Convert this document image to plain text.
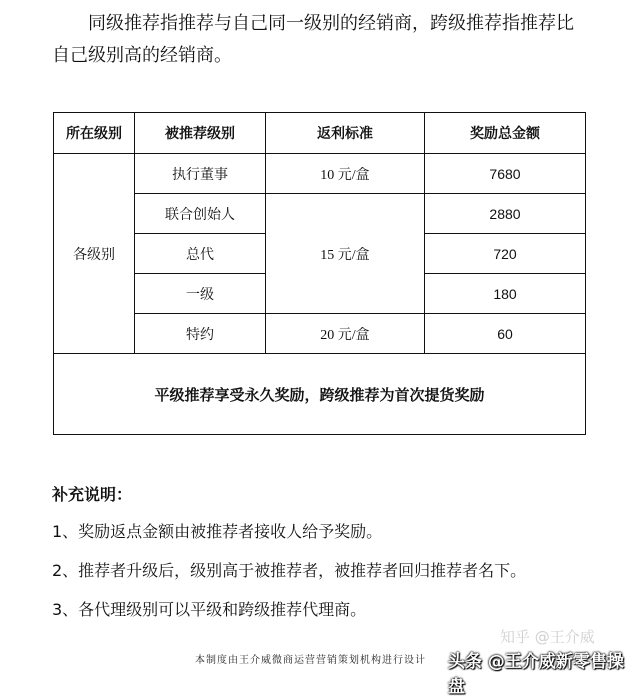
同级推荐指推荐与自己同一级别的经销商，跨级推荐指推荐比
自己级别高的经销商。
所在级别	被推荐级别	返利标准	奖励总金额
各级别	执行董事	10 元/盒	7680
	联合创始人	15 元/盒	2880
	总代		720
	一级		180
	特约	20 元/盒	60
平级推荐享受永久奖励，跨级推荐为首次提货奖励			
补充说明：
1、奖励返点金额由被推荐者接收人给予奖励。
2、推荐者升级后，级别高于被推荐者，被推荐者回归推荐者名下。
3、各代理级别可以平级和跨级推荐代理商。
本制度由王介威微商运营营销策划机构进行设计
知乎 @王介威
头条 @王介威新零售操盘
